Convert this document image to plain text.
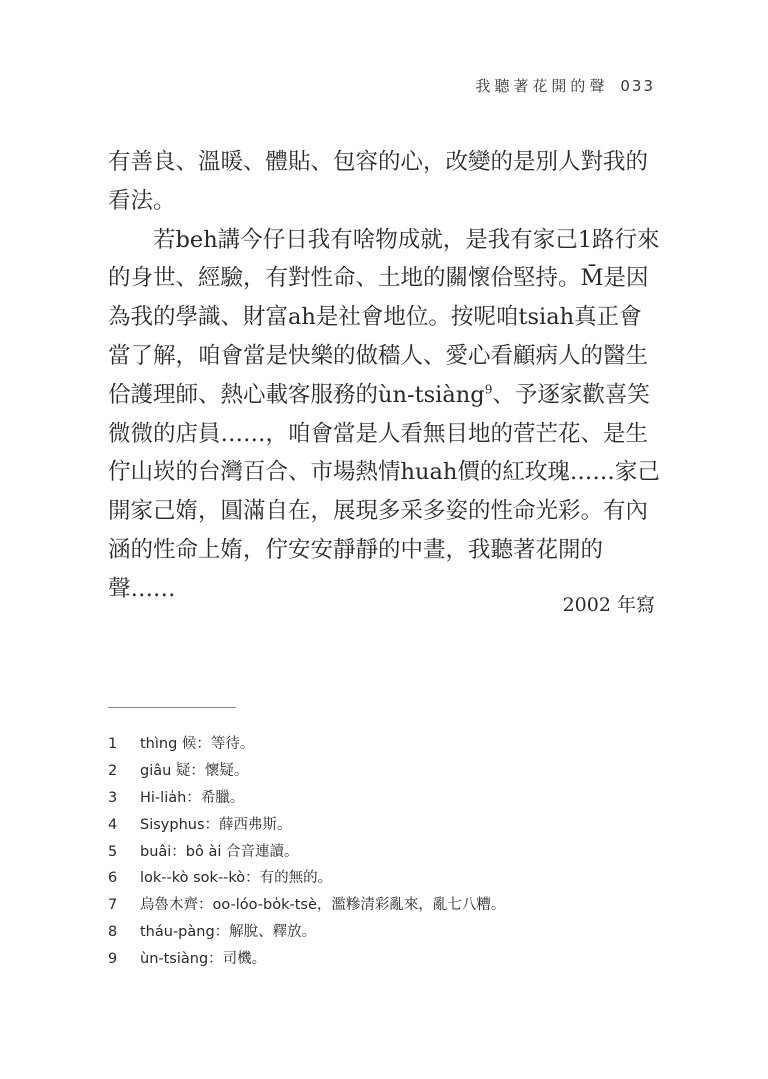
我聽著花開的聲 033

有善良、溫暖、體貼、包容的心，改變的是別人對我的看法。

若beh講今仔日我有啥物成就，是我有家己1路行來的身世、經驗，有對性命、土地的關懷佮堅持。M̄是因為我的學識、財富ah是社會地位。按呢咱tsiah真正會當了解，咱會當是快樂的做穡人、愛心看顧病人的醫生佮護理師、熱心載客服務的ùn-tsiàng$^9$、予逐家歡喜笑微微的店員……，咱會當是人看無目地的菅芒花、是生佇山崁的台灣百合、市場熱情huah價的紅玫瑰……家己開家己媠，圓滿自在，展現多采多姿的性命光彩。有內涵的性命上媠，佇安安靜靜的中晝，我聽著花開的聲……

2002 年寫
1 thìng 候：等待。
2 giâu 疑：懷疑。
3 Hi-lia̍h：希臘。
4 Sisyphus：薛西弗斯。
5 buâi：bô ài 合音連讀。
6 lok--kò sok--kò：有的無的。
7 烏魯木齊：oo-lóo-bo̍k-tsè，濫糝清彩亂來，亂七八糟。
8 tháu-pàng：解脫、釋放。
9 ùn-tsiàng：司機。
